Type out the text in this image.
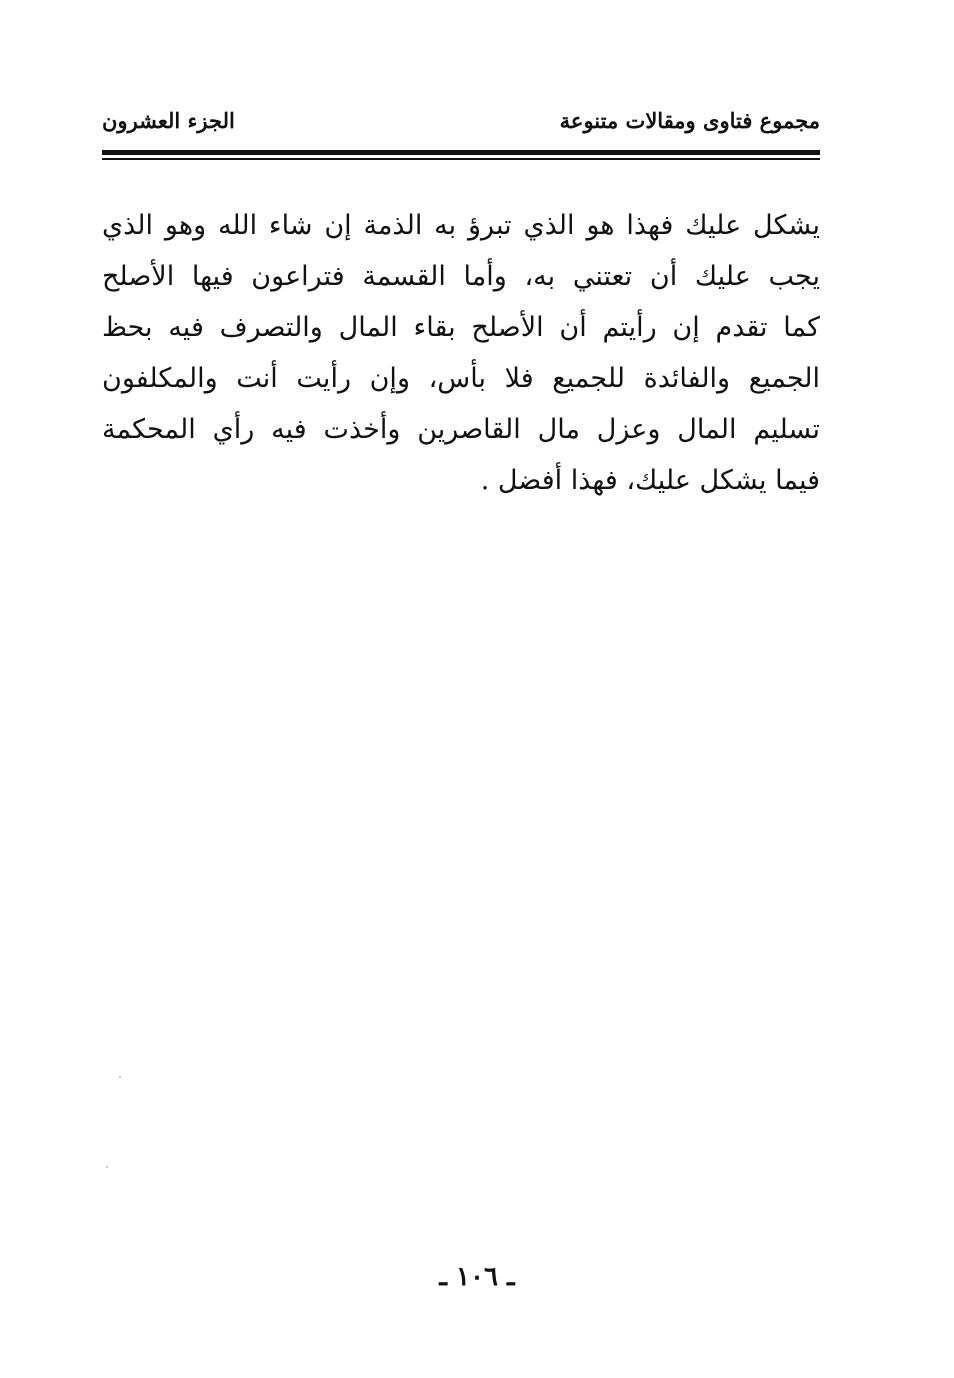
مجموع فتاوى ومقالات متنوعة
الجزء العشرون
يشكل عليك فهذا هو الذي تبرؤ به الذمة إن شاء الله وهو الذي
يجب عليك أن تعتني به، وأما القسمة فتراعون فيها الأصلح
كما تقدم إن رأيتم أن الأصلح بقاء المال والتصرف فيه بحظ
الجميع والفائدة للجميع فلا بأس، وإن رأيت أنت والمكلفون
تسليم المال وعزل مال القاصرين وأخذت فيه رأي المحكمة
فيما يشكل عليك، فهذا أفضل .
ـ ١٠٦ ـ
